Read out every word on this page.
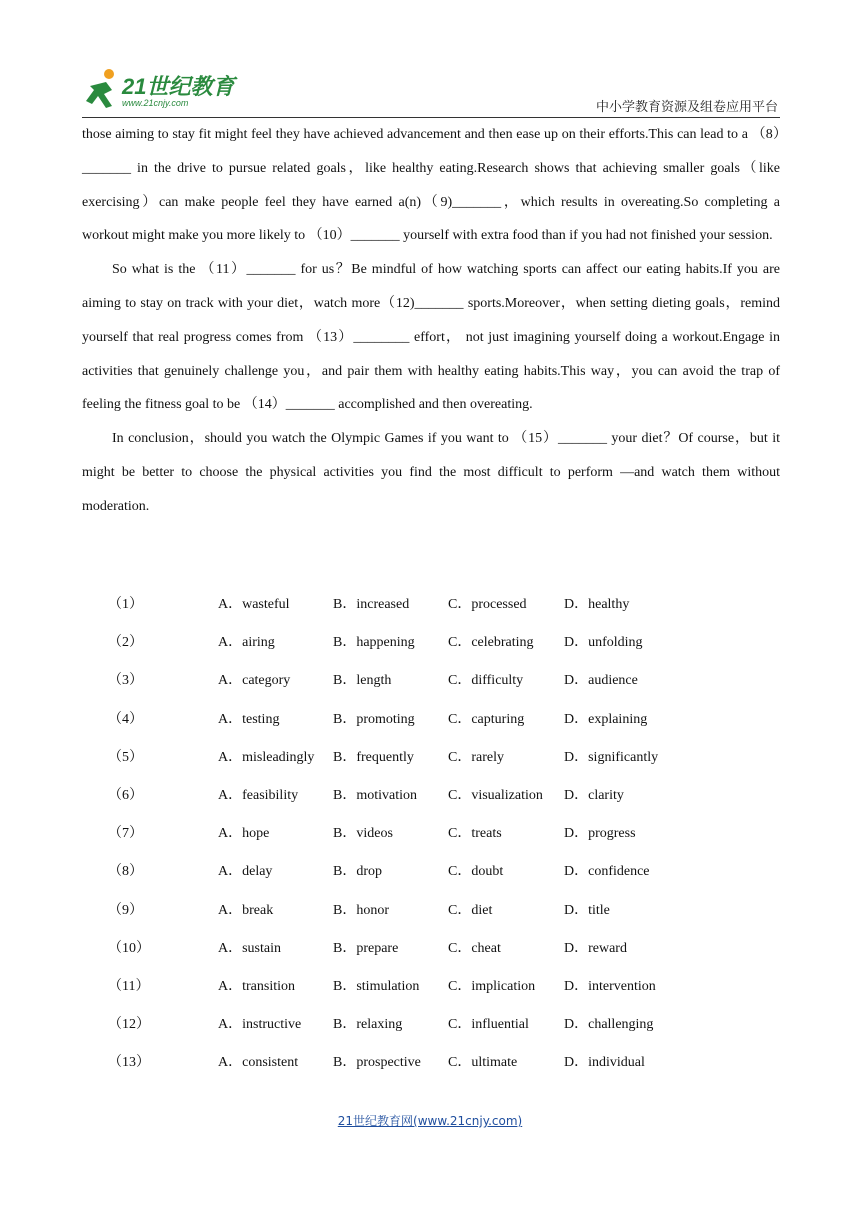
21世纪教育
www.21cnjy.com	中小学教育资源及组卷应用平台

those aiming to stay fit might feel they have achieved advancement and then ease up on their efforts.This can lead to a （8）_______ in the drive to pursue related goals，like healthy eating.Research shows that achieving smaller goals（like exercising）can make people feel they have earned a(n)（9)_______，which results in overeating.So completing a workout might make you more likely to （10）_______ yourself with extra food than if you had not finished your session.

So what is the （11）_______ for us？Be mindful of how watching sports can affect our eating habits.If you are aiming to stay on track with your diet，watch more（12)_______ sports.Moreover，when setting dieting goals，remind yourself that real progress comes from （13）________ effort， not just imagining yourself doing a workout.Engage in activities that genuinely challenge you，and pair them with healthy eating habits.This way，you can avoid the trap of feeling the fitness goal to be （14）_______ accomplished and then overeating.

In conclusion，should you watch the Olympic Games if you want to （15）_______ your diet？Of course，but it might be better to choose the physical activities you find the most difficult to perform —and watch them without moderation.

（1）	A．wasteful	B．increased	C．processed	D．healthy
（2）	A．airing	B．happening C．celebrating D．unfolding
（3）	A．category	B．length	C．difficulty	D．audience
（4）	A．testing	B．promoting C．capturing	D．explaining
（5）	A．misleadingly B．frequently C．rarely	D．significantly
（6）	A．feasibility B．motivation C．visualization D．clarity
（7）	A．hope	B．videos	C．treats	D．progress
（8）	A．delay	B．drop	C．doubt	D．confidence
（9）	A．break	B．honor	C．diet	D．title
（10）	A．sustain	B．prepare	C．cheat	D．reward
（11）	A．transition	B．stimulation C．implication D．intervention
（12）	A．instructive B．relaxing	C．influential	D．challenging
（13）	A．consistent B．prospective C．ultimate	D．individual
21世纪教育网(www.21cnjy.com)
